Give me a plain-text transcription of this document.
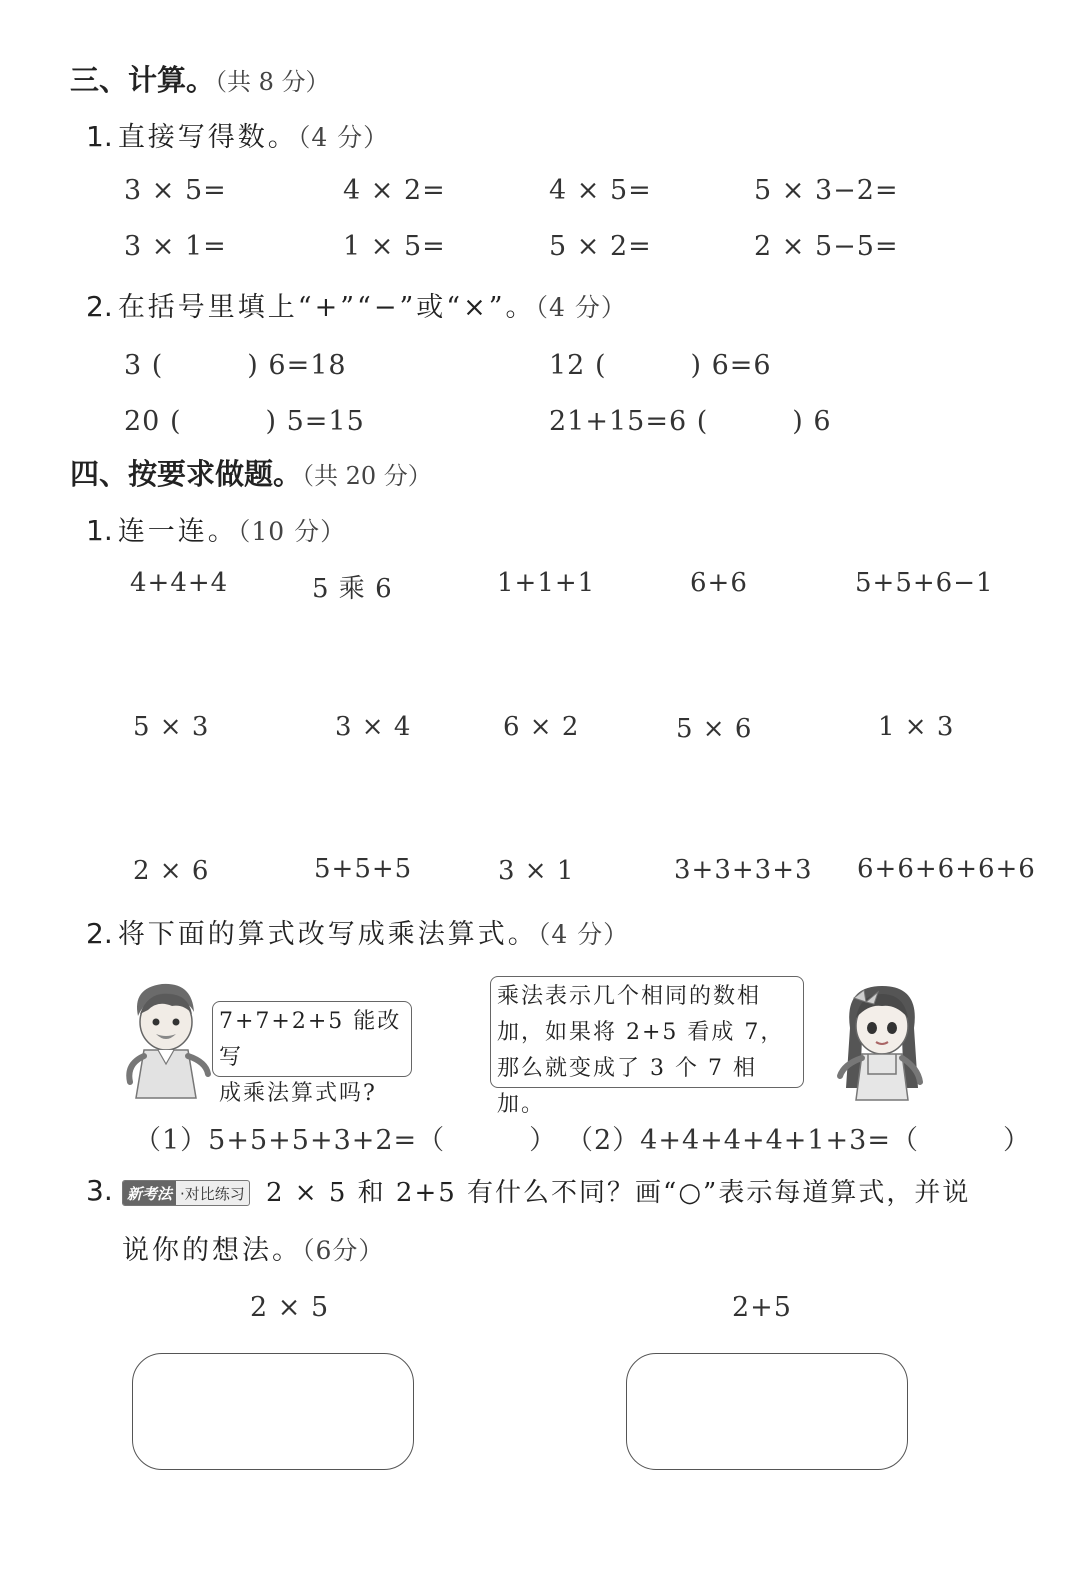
三、计算。（共 8 分）
1. 直接写得数。（4 分）
3 × 5=	4 × 2=	4 × 5=	5 × 3−2=
3 × 1=	1 × 5=	5 × 2=	2 × 5−5=
2. 在括号里填上“+”“−”或“×”。（4 分）
3 (　　　) 6=18	12 (　　　) 6=6
20 (　　　) 5=15	21+15=6 (　　　) 6
四、按要求做题。（共 20 分）
1. 连一连。（10 分）
4+4+4	5 乘 6	1+1+1	6+6	5+5+6−1
5 × 3	3 × 4	6 × 2	5 × 6	1 × 3
2 × 6	5+5+5	3 × 1	3+3+3+3 6+6+6+6+6
2. 将下面的算式改写成乘法算式。（4 分）
7+7+2+5 能改写
成乘法算式吗?
乘法表示几个相同的数相
加，如果将 2+5 看成 7，
那么就变成了 3 个 7 相加。
（1）5+5+5+3+2=（　　　） （2）4+4+4+4+1+3=（　　　）
3. 新考法 ·对比练习 2 × 5 和 2+5 有什么不同？画“○”表示每道算式，并说
说你的想法。（6分）
2 × 5	2+5
